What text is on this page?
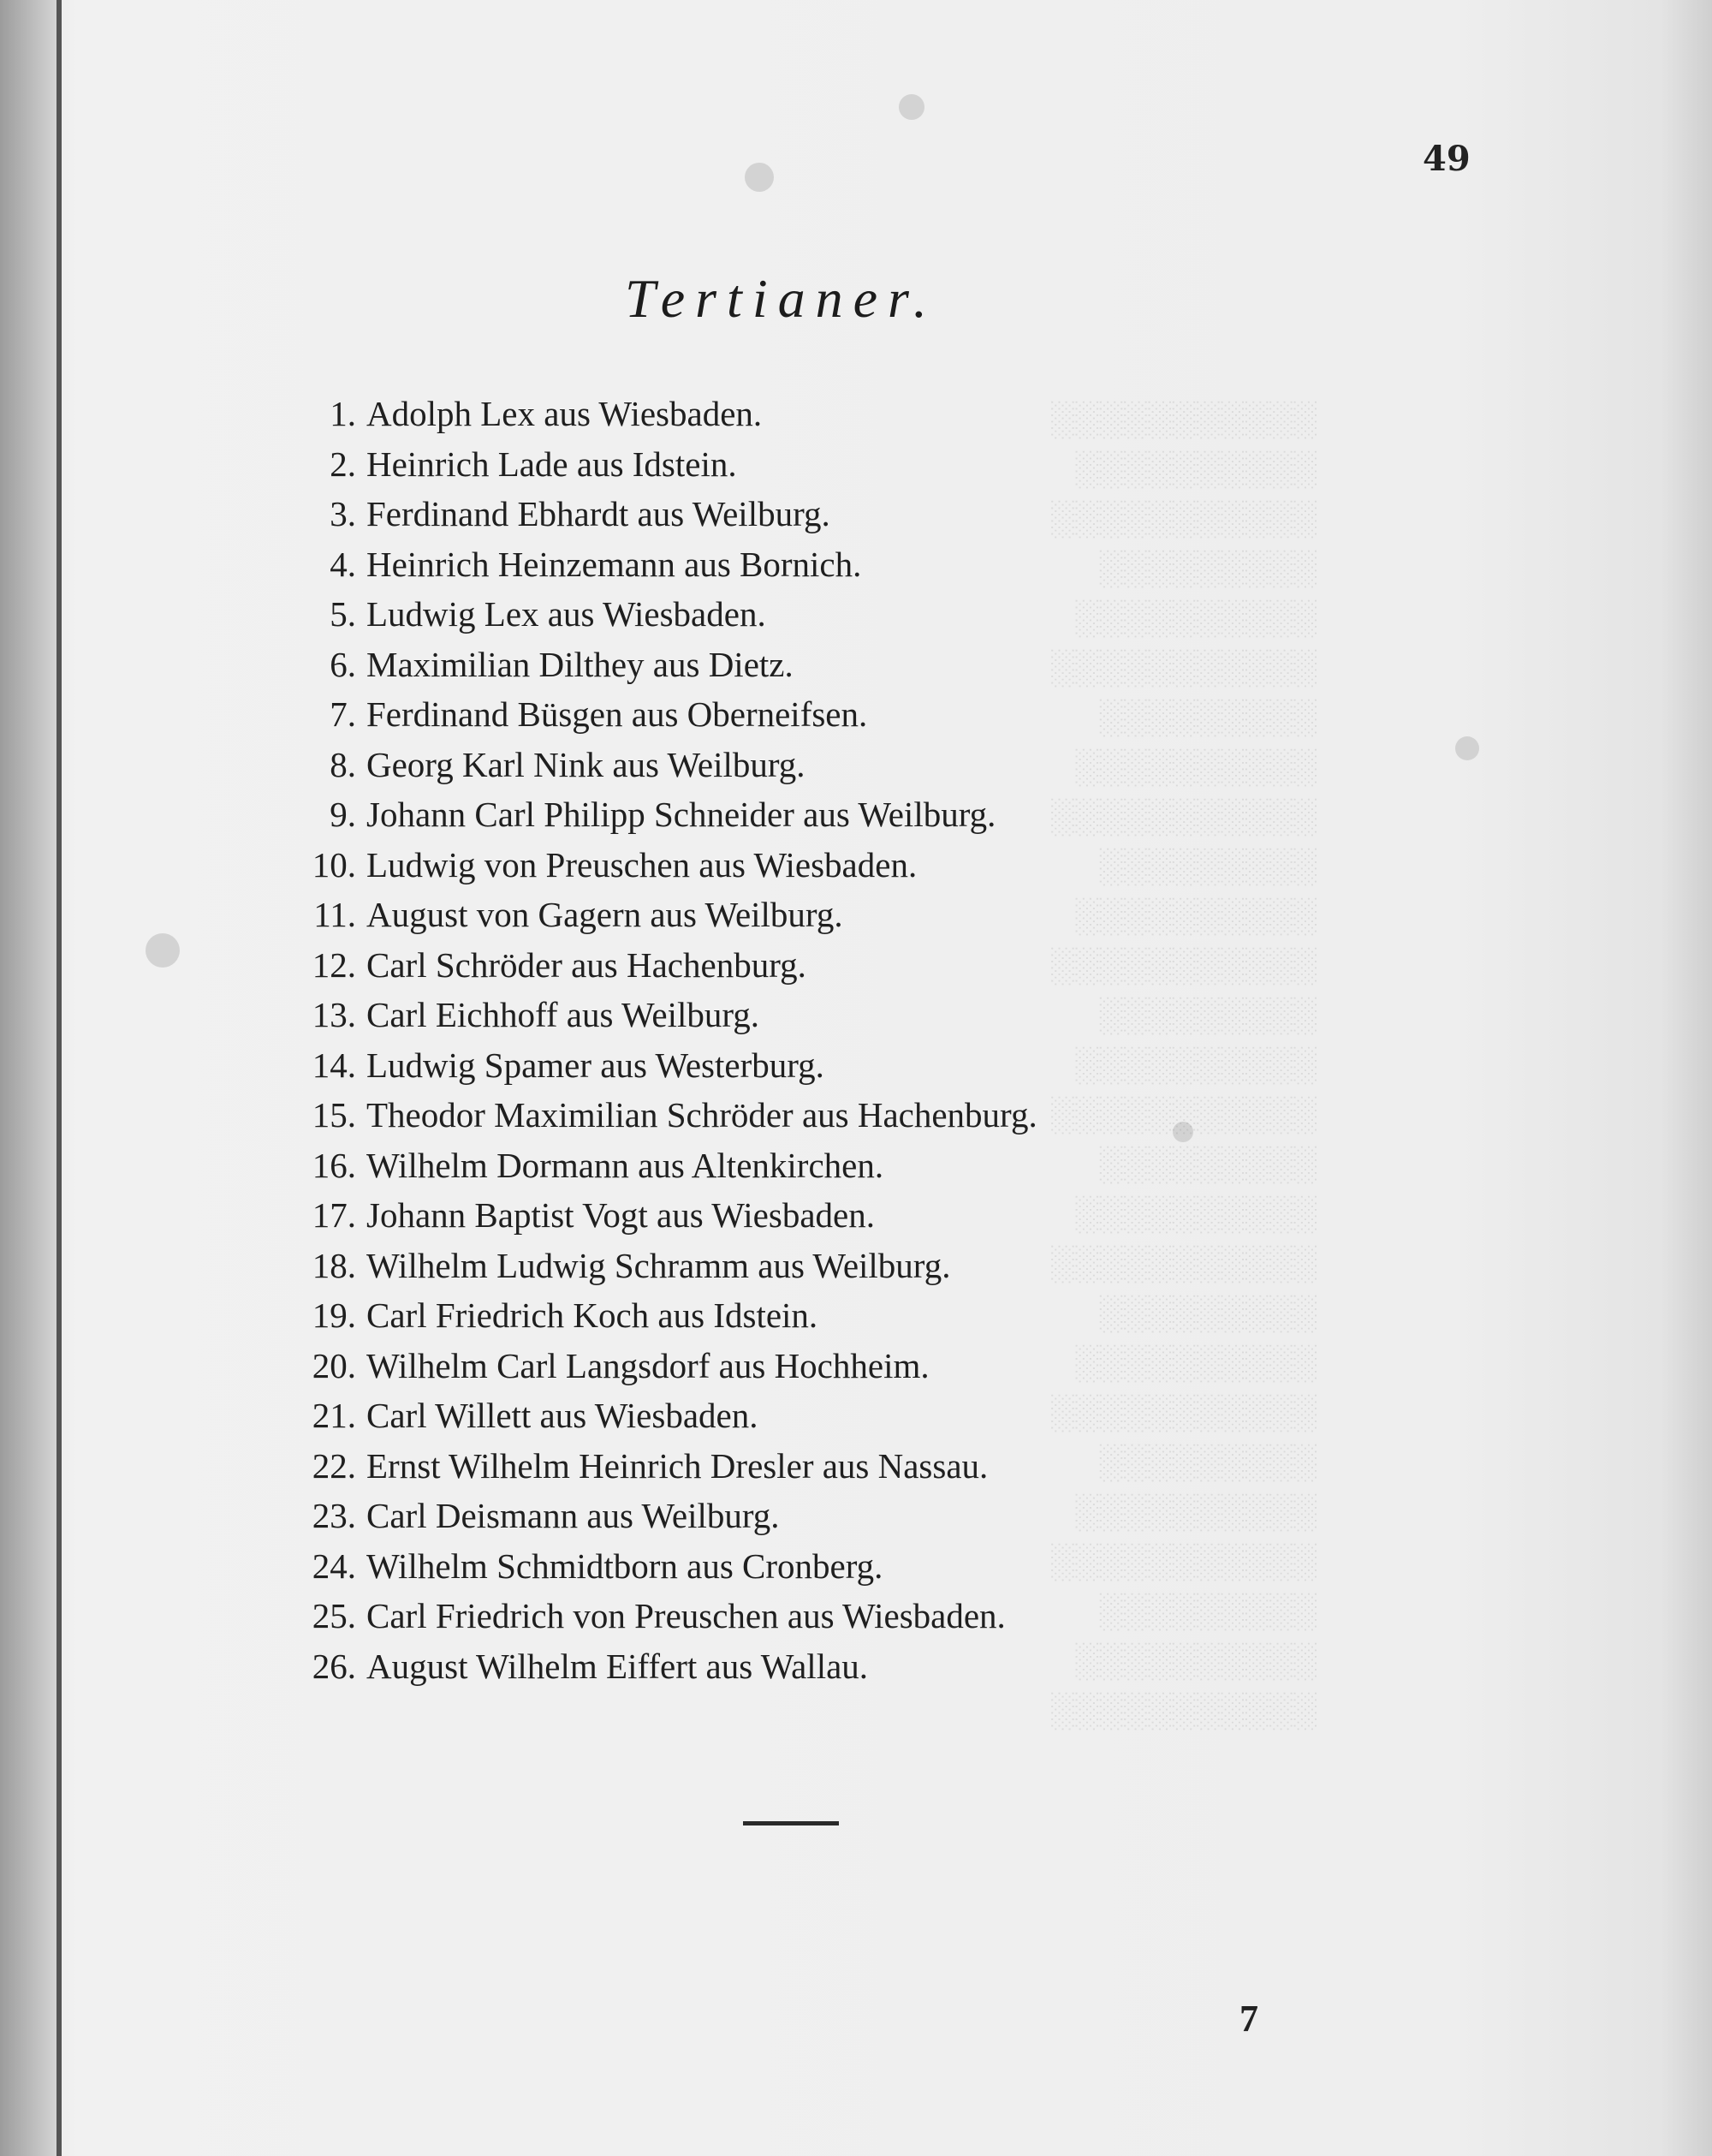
░░░░░░░░░░░
░░░░░░░░░░
░░░░░░░░░░░
░░░░░░░░░
░░░░░░░░░░
░░░░░░░░░░░
░░░░░░░░░
░░░░░░░░░░
░░░░░░░░░░░
░░░░░░░░░
░░░░░░░░░░
░░░░░░░░░░░
░░░░░░░░░
░░░░░░░░░░
░░░░░░░░░░░
░░░░░░░░░
░░░░░░░░░░
░░░░░░░░░░░
░░░░░░░░░
░░░░░░░░░░
░░░░░░░░░░░
░░░░░░░░░
░░░░░░░░░░
░░░░░░░░░░░
░░░░░░░░░
░░░░░░░░░░
░░░░░░░░░░░
49
Tertianer.
1. Adolph Lex aus Wiesbaden.
2. Heinrich Lade aus Idstein.
3. Ferdinand Ebhardt aus Weilburg.
4. Heinrich Heinzemann aus Bornich.
5. Ludwig Lex aus Wiesbaden.
6. Maximilian Dilthey aus Dietz.
7. Ferdinand Büsgen aus Oberneifsen.
8. Georg Karl Nink aus Weilburg.
9. Johann Carl Philipp Schneider aus Weilburg.
10. Ludwig von Preuschen aus Wiesbaden.
11. August von Gagern aus Weilburg.
12. Carl Schröder aus Hachenburg.
13. Carl Eichhoff aus Weilburg.
14. Ludwig Spamer aus Westerburg.
15. Theodor Maximilian Schröder aus Hachenburg.
16. Wilhelm Dormann aus Altenkirchen.
17. Johann Baptist Vogt aus Wiesbaden.
18. Wilhelm Ludwig Schramm aus Weilburg.
19. Carl Friedrich Koch aus Idstein.
20. Wilhelm Carl Langsdorf aus Hochheim.
21. Carl Willett aus Wiesbaden.
22. Ernst Wilhelm Heinrich Dresler aus Nassau.
23. Carl Deismann aus Weilburg.
24. Wilhelm Schmidtborn aus Cronberg.
25. Carl Friedrich von Preuschen aus Wiesbaden.
26. August Wilhelm Eiffert aus Wallau.
7
